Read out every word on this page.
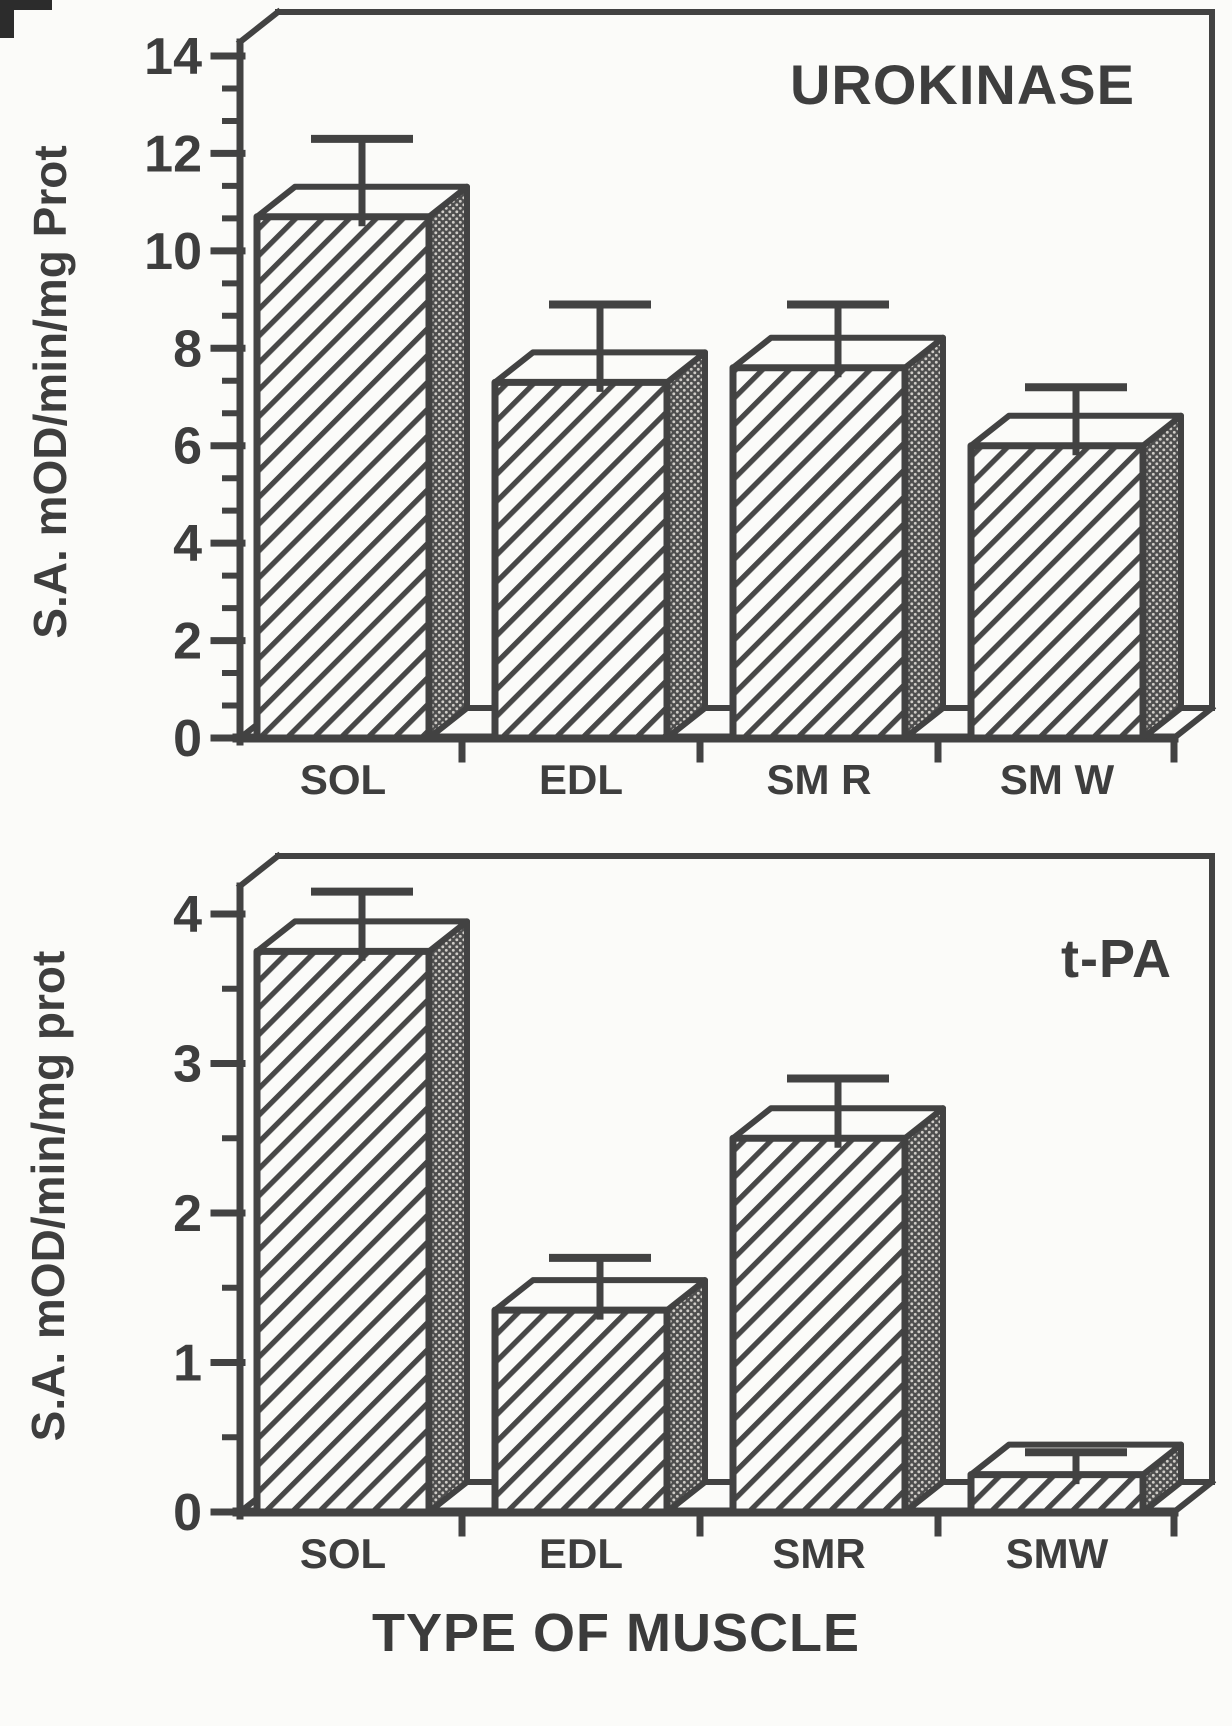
0
2
4
6
8
10
12
14
SOL	EDL	SM R	SM W
UROKINASE
S.A. mOD/min/mg Prot
0
1
2
3
4
SOL	EDL	SMR	SMW
t-PA
S.A. mOD/min/mg prot
TYPE OF MUSCLE
